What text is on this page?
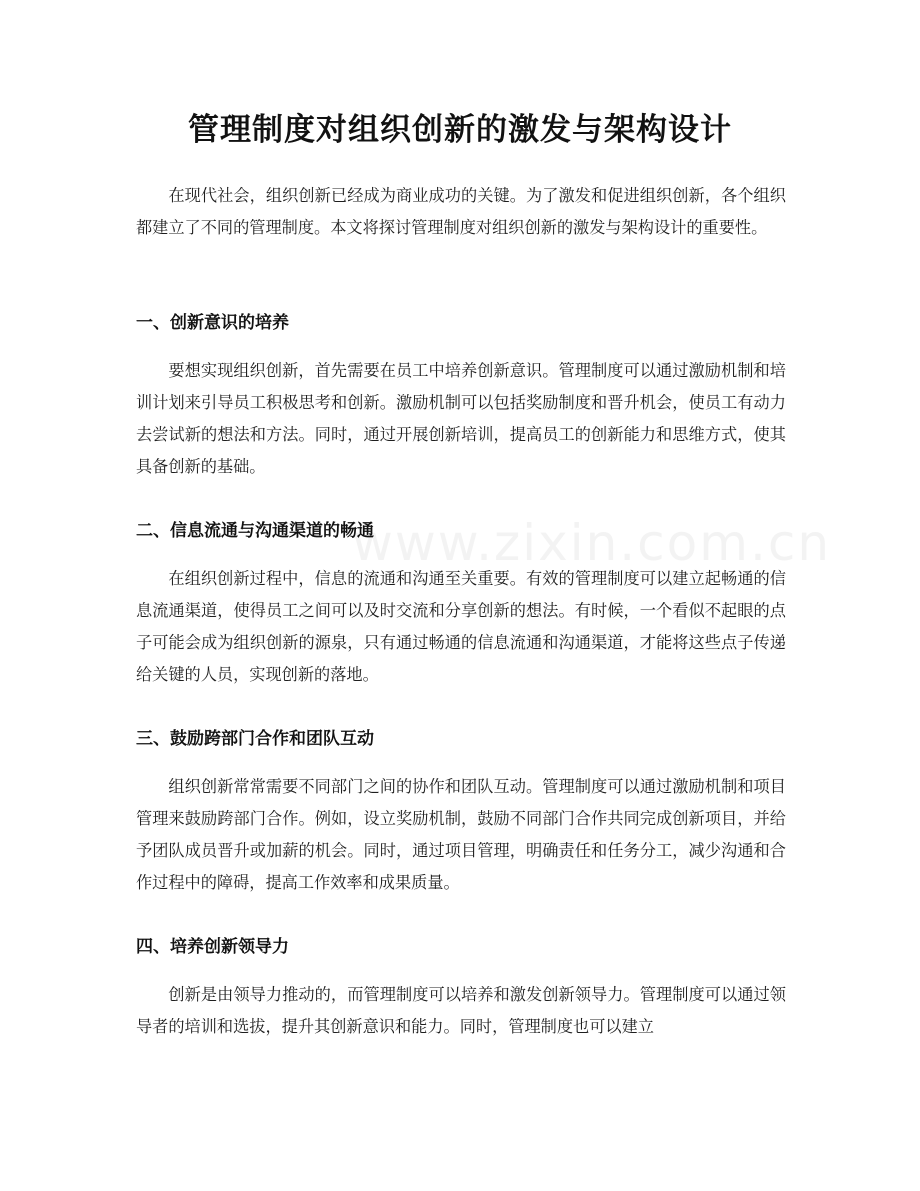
www.zixin.com.cn
管理制度对组织创新的激发与架构设计

在现代社会，组织创新已经成为商业成功的关键。为了激发和促进组织创新，各个组织都建立了不同的管理制度。本文将探讨管理制度对组织创新的激发与架构设计的重要性。

一、创新意识的培养

要想实现组织创新，首先需要在员工中培养创新意识。管理制度可以通过激励机制和培训计划来引导员工积极思考和创新。激励机制可以包括奖励制度和晋升机会，使员工有动力去尝试新的想法和方法。同时，通过开展创新培训，提高员工的创新能力和思维方式，使其具备创新的基础。

二、信息流通与沟通渠道的畅通

在组织创新过程中，信息的流通和沟通至关重要。有效的管理制度可以建立起畅通的信息流通渠道，使得员工之间可以及时交流和分享创新的想法。有时候，一个看似不起眼的点子可能会成为组织创新的源泉，只有通过畅通的信息流通和沟通渠道，才能将这些点子传递给关键的人员，实现创新的落地。

三、鼓励跨部门合作和团队互动

组织创新常常需要不同部门之间的协作和团队互动。管理制度可以通过激励机制和项目管理来鼓励跨部门合作。例如，设立奖励机制，鼓励不同部门合作共同完成创新项目，并给予团队成员晋升或加薪的机会。同时，通过项目管理，明确责任和任务分工，减少沟通和合作过程中的障碍，提高工作效率和成果质量。

四、培养创新领导力

创新是由领导力推动的，而管理制度可以培养和激发创新领导力。管理制度可以通过领导者的培训和选拔，提升其创新意识和能力。同时，管理制度也可以建立
